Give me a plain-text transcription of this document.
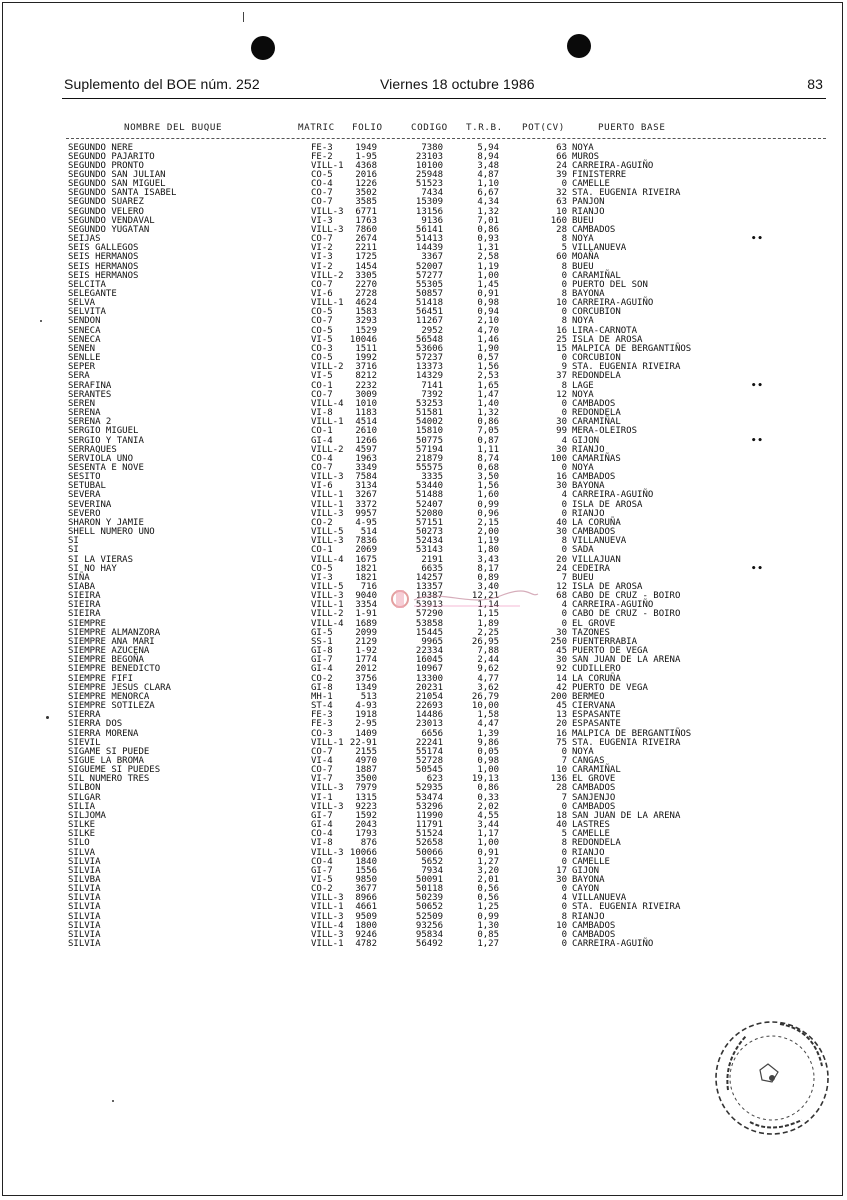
Suplemento del BOE núm. 252	Viernes 18 octubre 1986	83
NOMBRE DEL BUQUE	MATRIC FOLIO	CODIGO T.R.B. POT(CV)	PUERTO BASE
SEGUNDO NERE	FE-3	1949	7380	5,94	63 NOYA
SEGUNDO PAJARITO	FE-2	1-95	23103	8,94	66 MUROS
SEGUNDO PRONTO	VILL-1 4368	10100	3,48	24 CARREIRA-AGUIÑO
SEGUNDO SAN JULIAN	CO-5	2016	25948	4,87	39 FINISTERRE
SEGUNDO SAN MIGUEL	CO-4	1226	51523	1,10	0 CAMELLE
SEGUNDO SANTA ISABEL	CO-7	3502	7434	6,67	32 STA. EUGENIA RIVEIRA
SEGUNDO SUAREZ	CO-7	3585	15309	4,34	63 PANJON
SEGUNDO VELERO	VILL-3 6771	13156	1,32	10 RIANJO
SEGUNDO VENDAVAL	VI-3	1763	9136	7,01	160 BUEU
SEGUNDO YUGATAN	VILL-3 7860	56141	0,86	28 CAMBADOS
SEIJAS	CO-7	2674	51413	0,93	8 NOYA	••
SEIS GALLEGOS	VI-2	2211	14439	1,31	5 VILLANUEVA
SEIS HERMANOS	VI-3	1725	3367	2,58	60 MOAÑA
SEIS HERMANOS	VI-2	1454	52007	1,19	8 BUEU
SEIS HERMANOS	VILL-2 3305	57277	1,00	0 CARAMIÑAL
SELCITA	CO-7	2270	55305	1,45	0 PUERTO DEL SON
SELEGANTE	VI-6	2728	50857	0,91	8 BAYONA
SELVA	VILL-1 4624	51418	0,98	10 CARREIRA-AGUIÑO
SELVITA	CO-5	1583	56451	0,94	0 CORCUBION
SENDON	CO-7	3293	11267	2,10	8 NOYA
SENECA	CO-5	1529	2952	4,70	16 LIRA-CARNOTA
SENECA	VI-5 10046	56548	1,46	25 ISLA DE AROSA
SENEN	CO-3	1511	53606	1,90	15 MALPICA DE BERGANTIÑOS
SENLLE	CO-5	1992	57237	0,57	0 CORCUBION
SEPER	VILL-2 3716	13373	1,56	9 STA. EUGENIA RIVEIRA
SERA	VI-5	8212	14329	2,53	37 REDONDELA
SERAFINA	CO-1	2232	7141	1,65	8 LAGE	••
SERANTES	CO-7	3009	7392	1,47	12 NOYA
SEREN	VILL-4 1010	53253	1,40	0 CAMBADOS
SERENA	VI-8	1183	51581	1,32	0 REDONDELA
SERENA 2	VILL-1 4514	54002	0,86	30 CARAMIÑAL
SERGIO MIGUEL	CO-1	2610	15810	7,05	99 MERA-OLEIROS
SERGIO Y TANIA	GI-4	1266	50775	0,87	4 GIJON	••
SERRAQUES	VILL-2 4597	57194	1,11	30 RIANJO
SERVIOLA UNO	CO-4	1963	21879	8,74	100 CAMARIÑAS
SESENTA E NOVE	CO-7	3349	55575	0,68	0 NOYA
SESITO	VILL-3 7584	3335	3,50	16 CAMBADOS
SETUBAL	VI-6	3134	53440	1,56	30 BAYONA
SEVERA	VILL-1 3267	51488	1,60	4 CARREIRA-AGUIÑO
SEVERINA	VILL-1 3372	52407	0,99	0 ISLA DE AROSA
SEVERO	VILL-3 9957	52080	0,96	0 RIANJO
SHARON Y JAMIE	CO-2	4-95	57151	2,15	40 LA CORUÑA
SHELL NUMERO UNO	VILL-5 514	50273	2,00	30 CAMBADOS
SI	VILL-3 7836	52434	1,19	8 VILLANUEVA
SI	CO-1	2069	53143	1,80	0 SADA
SI LA VIERAS	VILL-4 1675	2191	3,43	20 VILLAJUAN
SI NO HAY	CO-5	1821	6635	8,17	24 CEDEIRA	••
SIÑA	VI-3	1821	14257	0,89	7 BUEU
SIABA	VILL-5 716	13357	3,40	12 ISLA DE AROSA
SIEIRA	VILL-3 9040	10387	12,21	68 CABO DE CRUZ - BOIRO
SIEIRA	VILL-1 3354	53913	1,14	4 CARREIRA-AGUIÑO
SIEIRA	VILL-2 1-91	57290	1,15	0 CABO DE CRUZ - BOIRO
SIEMPRE	VILL-4 1689	53858	1,89	0 EL GROVE
SIEMPRE ALMANZORA	GI-5	2099	15445	2,25	30 TAZONES
SIEMPRE ANA MARI	SS-1	2129	9965	26,95	250 FUENTERRABIA
SIEMPRE AZUCENA	GI-8	1-92	22334	7,88	45 PUERTO DE VEGA
SIEMPRE BEGOÑA	GI-7	1774	16045	2,44	30 SAN JUAN DE LA ARENA
SIEMPRE BENEDICTO	GI-4	2012	10967	9,62	92 CUDILLERO
SIEMPRE FIFI	CO-2	3756	13300	4,77	14 LA CORUÑA
SIEMPRE JESUS CLARA	GI-8	1349	20231	3,62	42 PUERTO DE VEGA
SIEMPRE MENORCA	MH-1	513	21054	26,79	200 BERMEO
SIEMPRE SOTILEZA	ST-4	4-93	22693	10,00	45 CIERVANA
SIERRA	FE-3	1918	14486	1,58	13 ESPASANTE
SIERRA DOS	FE-3	2-95	23013	4,47	20 ESPASANTE
SIERRA MORENA	CO-3	1409	6656	1,39	16 MALPICA DE BERGANTIÑOS
SIEVIL	VILL-1 22-91	22241	9,86	75 STA. EUGENIA RIVEIRA
SIGAME SI PUEDE	CO-7	2155	55174	0,05	0 NOYA
SIGUE LA BROMA	VI-4	4970	52728	0,98	7 CANGAS
SIGUEME SI PUEDES	CO-7	1887	50545	1,00	10 CARAMIÑAL
SIL NUMERO TRES	VI-7	3500	623	19,13	136 EL GROVE
SILBON	VILL-3 7979	52935	0,86	28 CAMBADOS
SILGAR	VI-1	1315	53474	0,33	7 SANJENJO
SILIA	VILL-3 9223	53296	2,02	0 CAMBADOS
SILJOMA	GI-7	1592	11990	4,55	18 SAN JUAN DE LA ARENA
SILKE	GI-4	2043	11791	3,44	40 LASTRES
SILKE	CO-4	1793	51524	1,17	5 CAMELLE
SILO	VI-8	876	52658	1,00	8 REDONDELA
SILVA	VILL-3 10066	50066	0,91	0 RIANJO
SILVIA	CO-4	1840	5652	1,27	0 CAMELLE
SILVIA	GI-7	1556	7934	3,20	17 GIJON
SILVBA	VI-5	9850	50091	2,01	30 BAYONA
SILVIA	CO-2	3677	50118	0,56	0 CAYON
SILVIA	VILL-3 8966	50239	0,56	4 VILLANUEVA
SILVIA	VILL-1 4661	50652	1,25	0 STA. EUGENIA RIVEIRA
SILVIA	VILL-3 9509	52509	0,99	8 RIANJO
SILVIA	VILL-4 1800	93256	1,30	10 CAMBADOS
SILVIA	VILL-3 9246	95834	0,85	0 CAMBADOS
SILVIA	VILL-1 4782	56492	1,27	0 CARREIRA-AGUIÑO
